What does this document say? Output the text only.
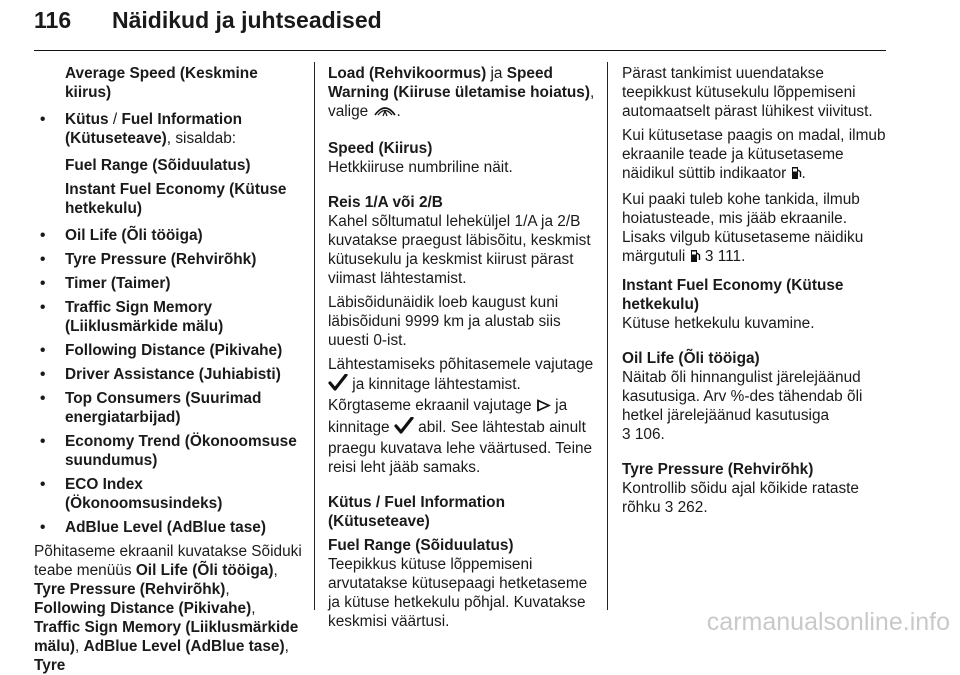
116 Näidikud ja juhtseadised

Average Speed (Keskmine kiirus)

• Kütus / Fuel Information (Kütuseteave), sisaldab:

Fuel Range (Sõiduulatus)

Instant Fuel Economy (Kütuse hetkekulu)

• Oil Life (Õli tööiga)

• Tyre Pressure (Rehvirõhk)

• Timer (Taimer)

• Traffic Sign Memory (Liiklusmärkide mälu)

• Following Distance (Pikivahe)

• Driver Assistance (Juhiabisti)

• Top Consumers (Suurimad energiatarbijad)

• Economy Trend (Ökonoomsuse suundumus)

• ECO Index (Ökonoomsusindeks)

• AdBlue Level (AdBlue tase)

Põhitaseme ekraanil kuvatakse Sõiduki teabe menüüs Oil Life (Õli tööiga), Tyre Pressure (Rehvirõhk), Following Distance (Pikivahe), Traffic Sign Memory (Liiklusmärkide mälu), AdBlue Level (AdBlue tase), Tyre

Load (Rehvikoormus) ja Speed Warning (Kiiruse ületamise hoiatus), valige .

Speed (Kiirus)

Hetkkiiruse numbriline näit.

Reis 1/A või 2/B

Kahel sõltumatul leheküljel 1/A ja 2/B kuvatakse praegust läbisõitu, keskmist kütusekulu ja keskmist kiirust pärast viimast lähtestamist.

Läbisõidunäidik loeb kaugust kuni läbisõiduni 9999 km ja alustab siis uuesti 0-ist.

Lähtestamiseks põhitasemele vajutage  ja kinnitage lähtestamist. Kõrgtaseme ekraanil vajutage  ja kinnitage  abil. See lähtestab ainult praegu kuvatava lehe väärtused. Teine reisi leht jääb samaks.

Kütus / Fuel Information (Kütuseteave)

Fuel Range (Sõiduulatus)

Teepikkus kütuse lõppemiseni arvutatakse kütusepaagi hetketaseme ja kütuse hetkekulu põhjal. Kuvatakse keskmisi väärtusi.

Pärast tankimist uuendatakse teepikkust kütusekulu lõppemiseni automaatselt pärast lühikest viivitust.

Kui kütusetase paagis on madal, ilmub ekraanile teade ja kütusetaseme näidikul süttib indikaator .

Kui paaki tuleb kohe tankida, ilmub hoiatusteade, mis jääb ekraanile. Lisaks vilgub kütusetaseme näidiku märgutuli  3 111.

Instant Fuel Economy (Kütuse hetkekulu)

Kütuse hetkekulu kuvamine.

Oil Life (Õli tööiga)

Näitab õli hinnangulist järelejäänud kasutusiga. Arv %-des tähendab õli hetkel järelejäänud kasutusiga
3 106.

Tyre Pressure (Rehvirõhk)

Kontrollib sõidu ajal kõikide rataste rõhku 3 262.

carmanualsonline.info
